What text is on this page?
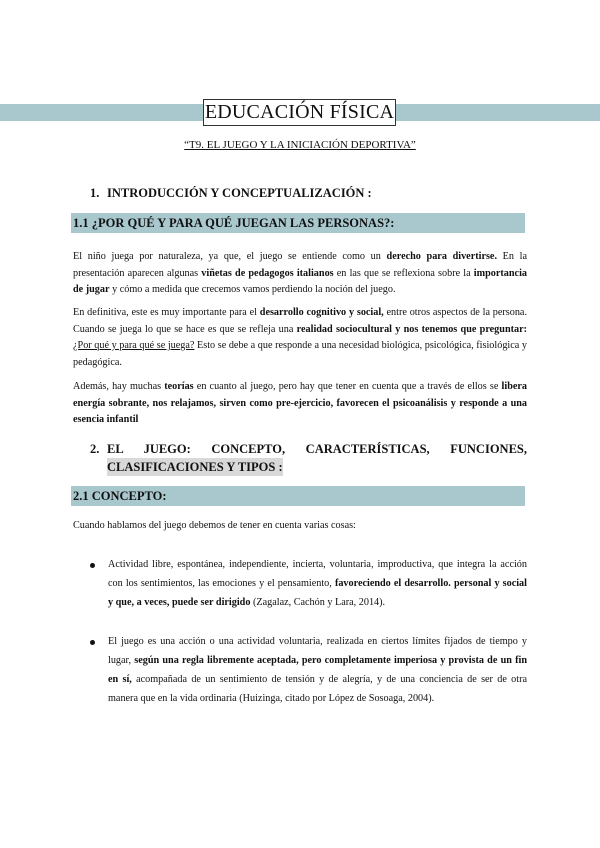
EDUCACIÓN FÍSICA
“T9. EL JUEGO Y LA INICIACIÓN DEPORTIVA”
1. INTRODUCCIÓN Y CONCEPTUALIZACIÓN :
1.1 ¿POR QUÉ Y PARA QUÉ JUEGAN LAS PERSONAS?:

El niño juega por naturaleza, ya que, el juego se entiende como un derecho para divertirse. En la presentación aparecen algunas viñetas de pedagogos italianos en las que se reflexiona sobre la importancia de jugar y cómo a medida que crecemos vamos perdiendo la noción del juego.

En definitiva, este es muy importante para el desarrollo cognitivo y social, entre otros aspectos de la persona. Cuando se juega lo que se hace es que se refleja una realidad sociocultural y nos tenemos que preguntar: ¿Por qué y para qué se juega? Esto se debe a que responde a una necesidad biológica, psicológica, fisiológica y pedagógica.

Además, hay muchas teorías en cuanto al juego, pero hay que tener en cuenta que a través de ellos se libera energía sobrante, nos relajamos, sirven como pre-ejercicio, favorecen el psicoanálisis y responde a una esencia infantil

2. EL JUEGO: CONCEPTO, CARACTERÍSTICAS, FUNCIONES,
CLASIFICACIONES Y TIPOS :
2.1 CONCEPTO:

Cuando hablamos del juego debemos de tener en cuenta varias cosas:

Actividad libre, espontánea, independiente, incierta, voluntaria, improductiva, que integra la acción con los sentimientos, las emociones y el pensamiento, favoreciendo el desarrollo. personal y social y que, a veces, puede ser dirigido (Zagalaz, Cachón y Lara, 2014).

El juego es una acción o una actividad voluntaria, realizada en ciertos límites fijados de tiempo y lugar, según una regla libremente aceptada, pero completamente imperiosa y provista de un fin en sí, acompañada de un sentimiento de tensión y de alegría, y de una conciencia de ser de otra manera que en la vida ordinaria (Huizinga, citado por López de Sosoaga, 2004).
